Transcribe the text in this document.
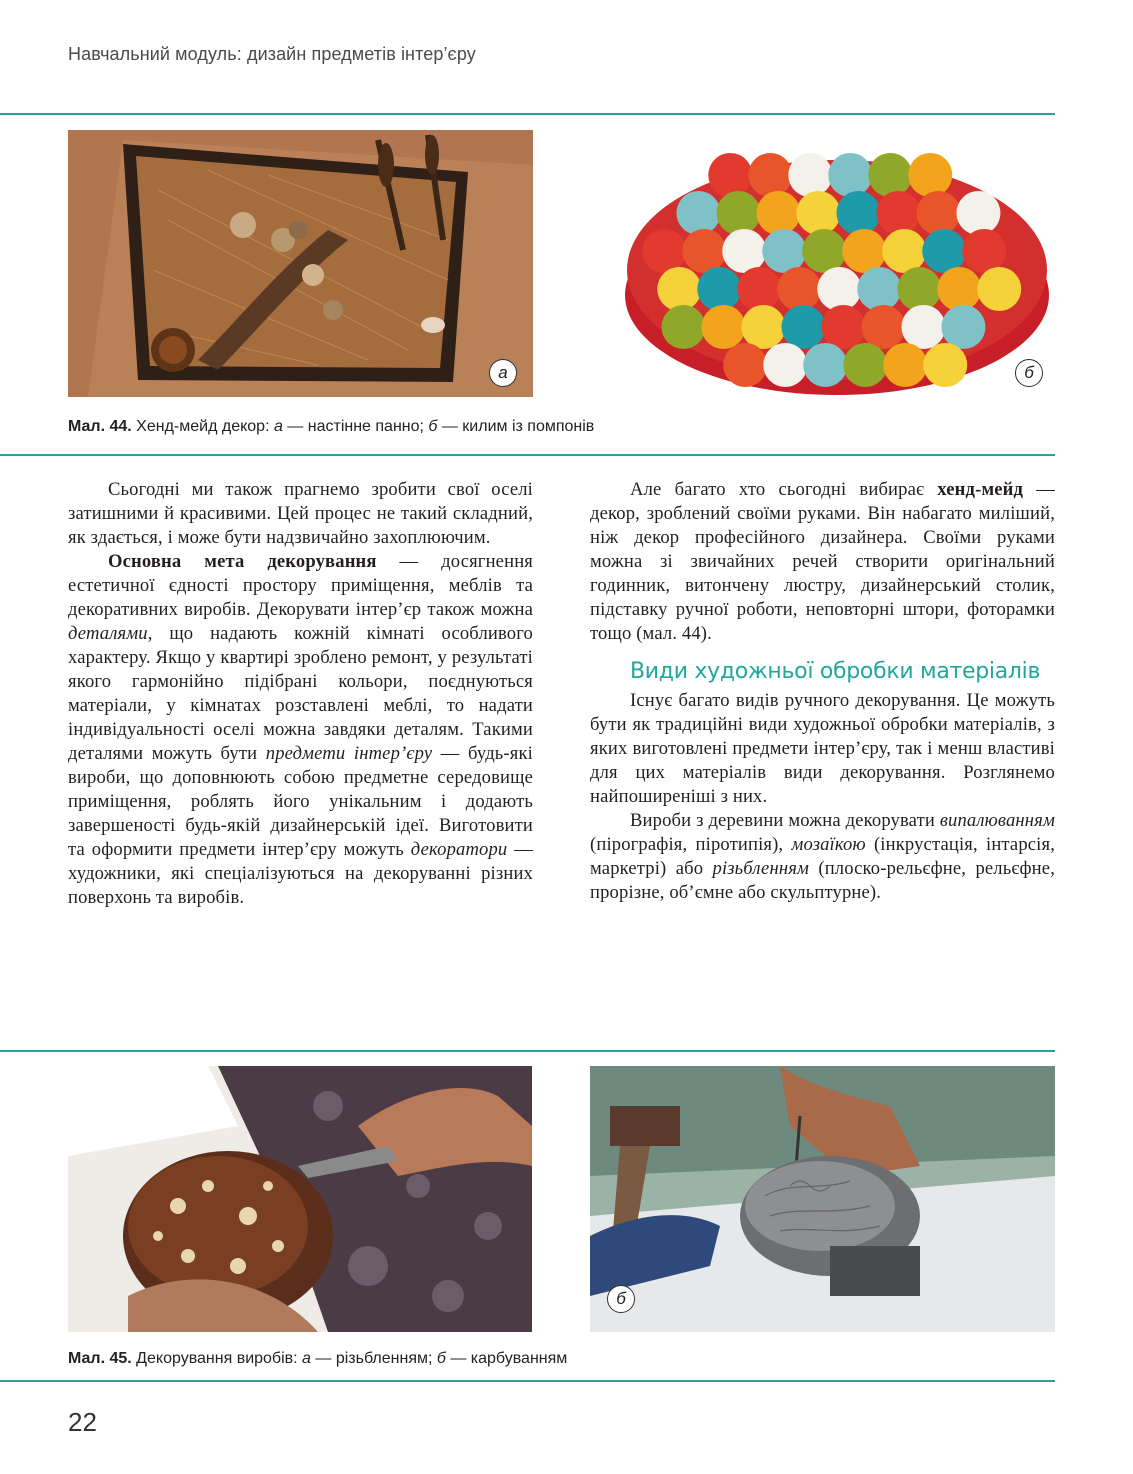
Навчальний модуль: дизайн предметів інтер’єру
а	б
Мал. 44. Хенд-мейд декор: а — настінне панно; б — килим із помпонів

Сьогодні ми також прагнемо зробити свої оселі затишними й красивими. Цей процес не такий складний, як здається, і може бути надзвичайно захоплюючим.

Основна мета декорування — досягнення естетичної єдності простору приміщення, меблів та декоративних виробів. Декорувати інтер’єр також можна деталями, що надають кожній кімнаті особливого характеру. Якщо у квартирі зроблено ремонт, у результаті якого гармонійно підібрані кольори, поєднуються матеріали, у кімнатах розставлені меблі, то надати індивідуальності оселі можна завдяки деталям. Такими деталями можуть бути предмети інтер’єру — будь-які вироби, що доповнюють собою предметне середовище приміщення, роблять його унікальним і додають завершеності будь-якій дизайнерській ідеї. Виготовити та оформити предмети інтер’єру можуть декоратори — художники, які спеціалізуються на декоруванні різних поверхонь та виробів.

Але багато хто сьогодні вибирає хенд-мейд — декор, зроблений своїми руками. Він набагато миліший, ніж декор професійного дизайнера. Своїми руками можна зі звичайних речей створити оригінальний годинник, витончену люстру, дизайнерський столик, підставку ручної роботи, неповторні штори, фоторамки тощо (мал. 44).

Види художньої обробки матеріалів

Існує багато видів ручного декорування. Це можуть бути як традиційні види художньої обробки матеріалів, з яких виготовлені предмети інтер’єру, так і менш властиві для цих матеріалів види декорування. Розглянемо найпоширеніші з них.

Вироби з деревини можна декорувати випалюванням (пірографія, піротипія), мозаїкою (інкрустація, інтарсія, маркетрі) або різьбленням (плоско-рельєфне, рельєфне, прорізне, об’ємне або скульптурне).

б
Мал. 45. Декорування виробів: а — різьбленням; б — карбуванням
22
